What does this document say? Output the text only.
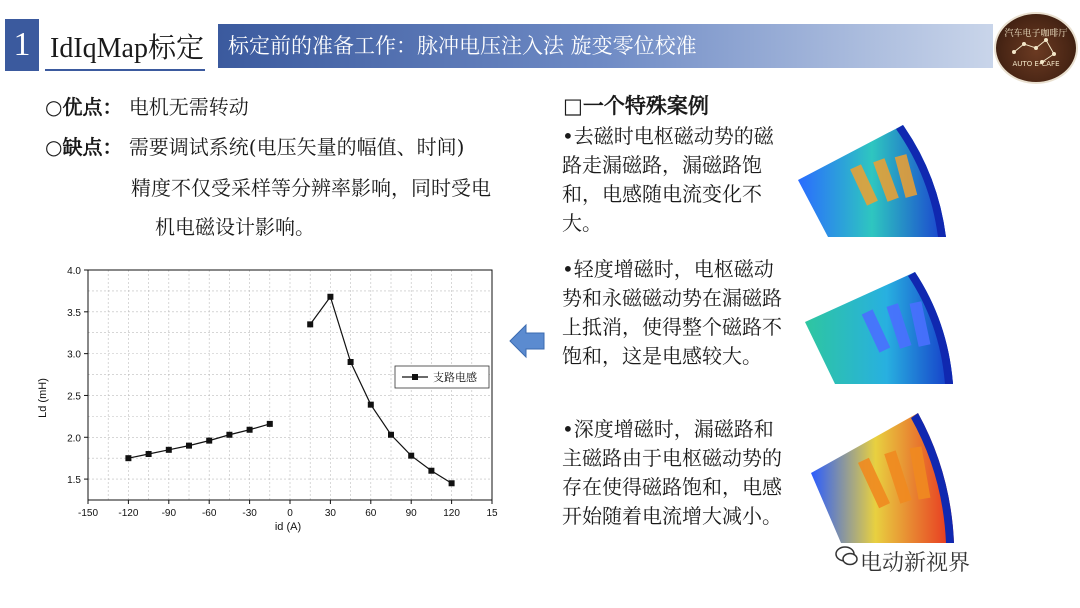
1 IdIqMap标定	标定前的准备工作：脉冲电压注入法 旋变零位校准	汽车电子咖啡厅
AUTO E-CAFE
○优点： 电机无需转动
○缺点： 需要调试系统(电压矢量的幅值、时间)
精度不仅受采样等分辨率影响，同时受电
机电磁设计影响。
-150 -120 -90	-60	-30	0	30	60	90	120	15
1.5
2.0
2.5
3.0
3.5
4.0
支路电感
id (A)
Ld (mH)
□一个特殊案例
•去磁时电枢磁动势的磁路走漏磁路，漏磁路饱和，电感随电流变化不大。
•轻度增磁时，电枢磁动势和永磁磁动势在漏磁路上抵消，使得整个磁路不饱和，这是电感较大。
•深度增磁时，漏磁路和主磁路由于电枢磁动势的存在使得磁路饱和，电感开始随着电流增大减小。
电动新视界
